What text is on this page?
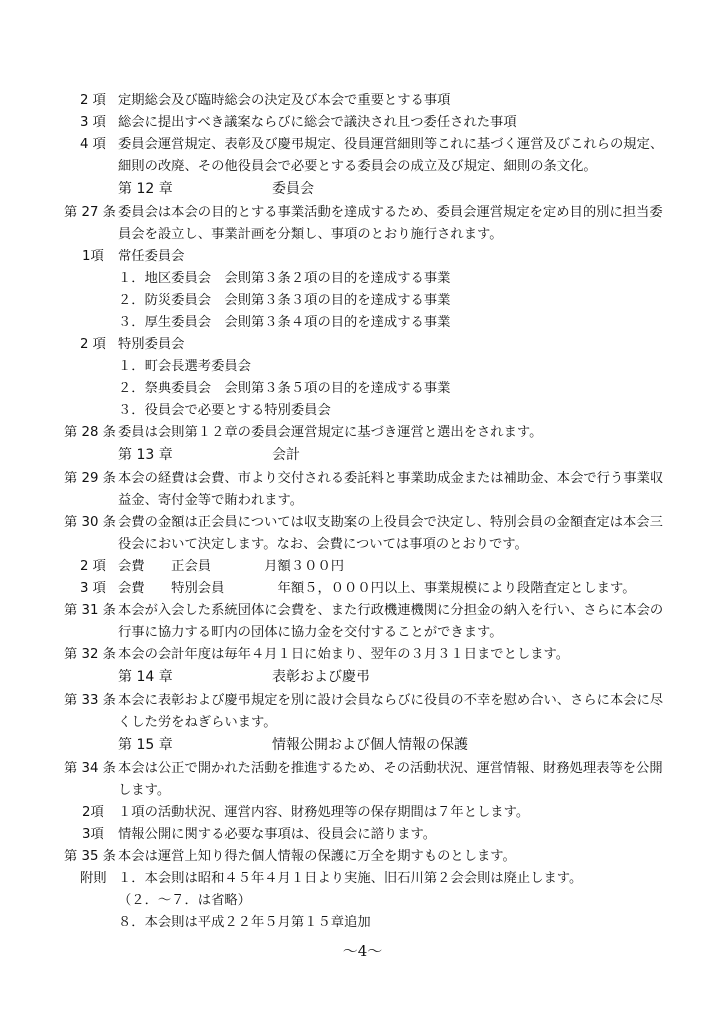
2 項 定期総会及び臨時総会の決定及び本会で重要とする事項
3 項 総会に提出すべき議案ならびに総会で議決され且つ委任された事項
4 項 委員会運営規定、表彰及び慶弔規定、役員運営細則等これに基づく運営及びこれらの規定、
細則の改廃、その他役員会で必要とする委員会の成立及び規定、細則の条文化。
第 12 章	委員会
第 27 条 委員会は本会の目的とする事業活動を達成するため、委員会運営規定を定め目的別に担当委
員会を設立し、事業計画を分類し、事項のとおり施行されます。
1項 常任委員会
１．地区委員会　会則第３条２項の目的を達成する事業
２．防災委員会　会則第３条３項の目的を達成する事業
３．厚生委員会　会則第３条４項の目的を達成する事業
2 項 特別委員会
１．町会長選考委員会
２．祭典委員会　会則第３条５項の目的を達成する事業
３．役員会で必要とする特別委員会
第 28 条 委員は会則第１２章の委員会運営規定に基づき運営と選出をされます。
第 13 章	会計
第 29 条 本会の経費は会費、市より交付される委託料と事業助成金または補助金、本会で行う事業収
益金、寄付金等で賄われます。
第 30 条 会費の金額は正会員については収支勘案の上役員会で決定し、特別会員の金額査定は本会三
役会において決定します。なお、会費については事項のとおりです。
2 項 会費　　正会員　　　　月額３００円
3 項 会費　　特別会員　　　　年額５，０００円以上、事業規模により段階査定とします。
第 31 条 本会が入会した系統団体に会費を、また行政機連機関に分担金の納入を行い、さらに本会の
行事に協力する町内の団体に協力金を交付することができます。
第 32 条 本会の会計年度は毎年４月１日に始まり、翌年の３月３１日までとします。
第 14 章	表彰および慶弔
第 33 条 本会に表彰および慶弔規定を別に設け会員ならびに役員の不幸を慰め合い、さらに本会に尽
くした労をねぎらいます。
第 15 章	情報公開および個人情報の保護
第 34 条 本会は公正で開かれた活動を推進するため、その活動状況、運営情報、財務処理表等を公開
します。
2項 １項の活動状況、運営内容、財務処理等の保存期間は７年とします。
3項 情報公開に関する必要な事項は、役員会に諮ります。
第 35 条 本会は運営上知り得た個人情報の保護に万全を期すものとします。
附則 １．本会則は昭和４５年４月１日より実施、旧石川第２会会則は廃止します。
（２．～７．は省略）
８．本会則は平成２２年５月第１５章追加
～4～
